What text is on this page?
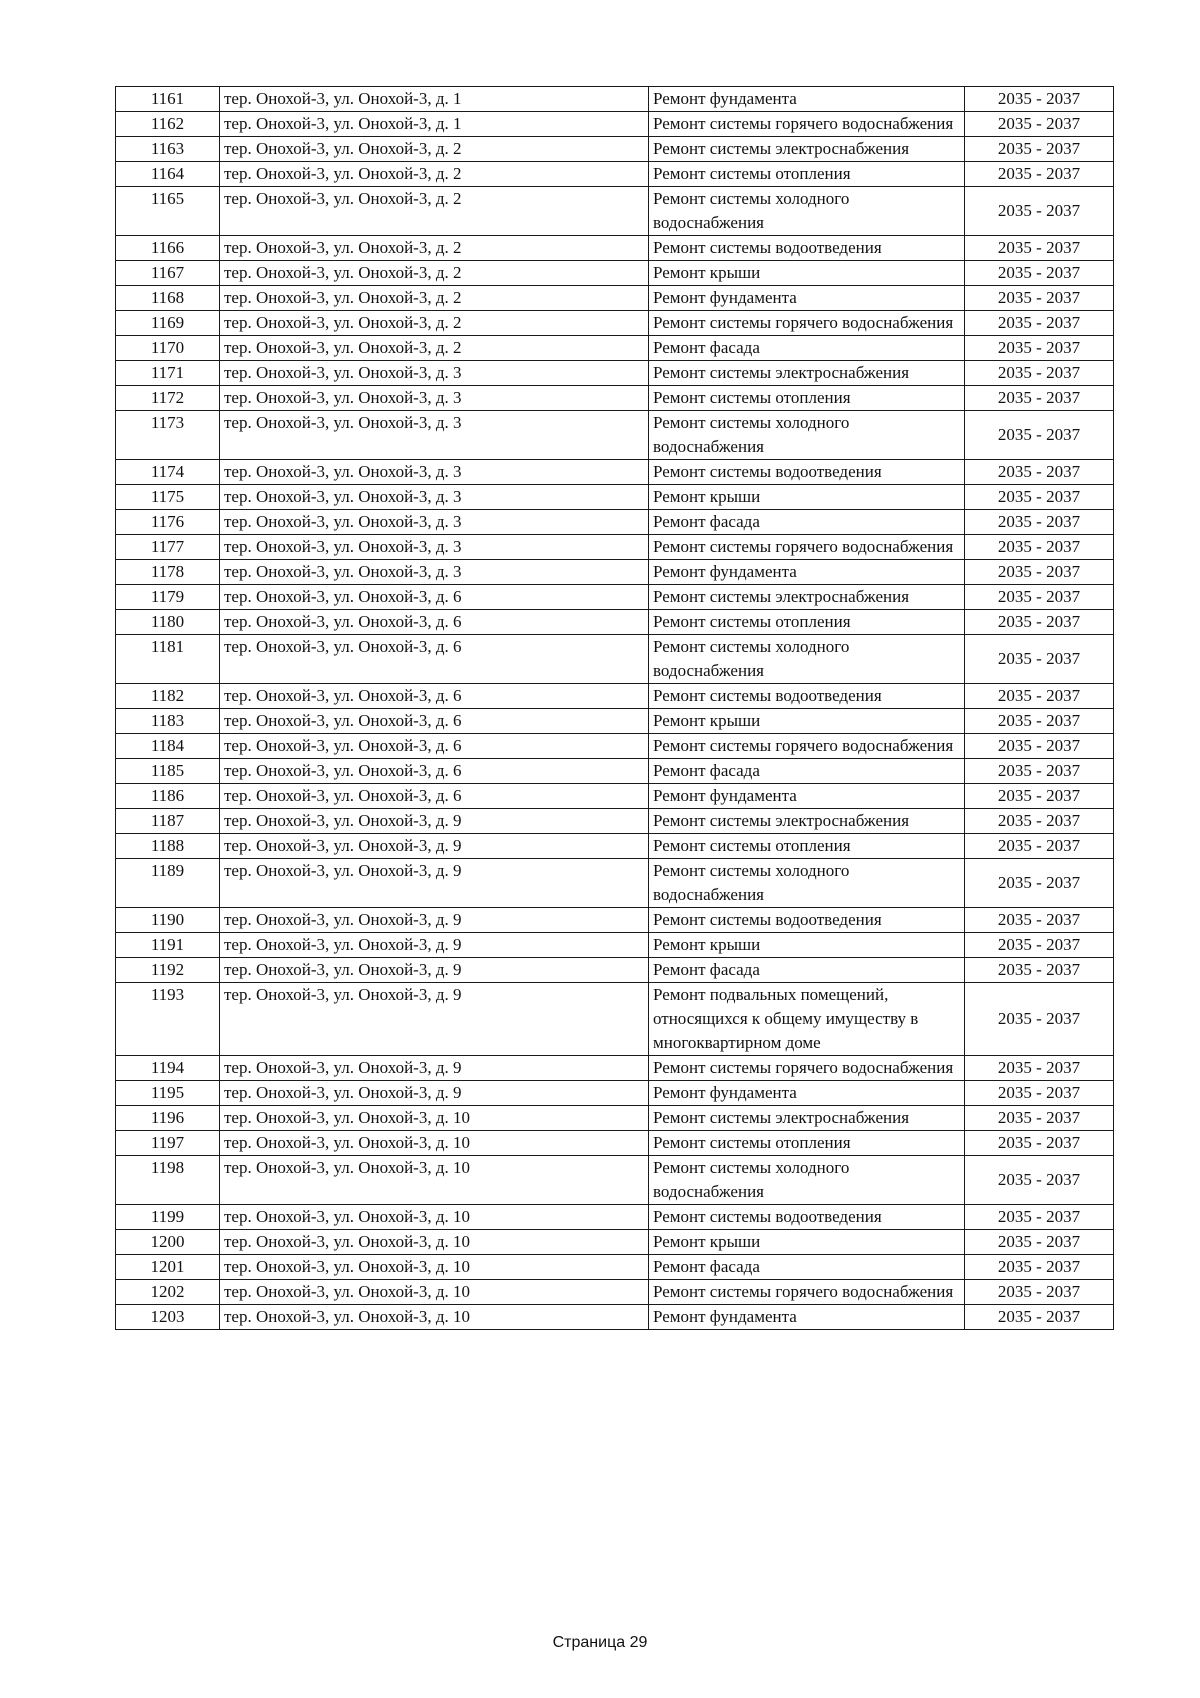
1161	тер. Онохой-3, ул. Онохой-3, д. 1	Ремонт фундамента	2035 - 2037
1162	тер. Онохой-3, ул. Онохой-3, д. 1	Ремонт системы горячего водоснабжения	2035 - 2037
1163	тер. Онохой-3, ул. Онохой-3, д. 2	Ремонт системы электроснабжения	2035 - 2037
1164	тер. Онохой-3, ул. Онохой-3, д. 2	Ремонт системы отопления	2035 - 2037
1165	тер. Онохой-3, ул. Онохой-3, д. 2	Ремонт системы холодного водоснабжения	2035 - 2037
1166	тер. Онохой-3, ул. Онохой-3, д. 2	Ремонт системы водоотведения	2035 - 2037
1167	тер. Онохой-3, ул. Онохой-3, д. 2	Ремонт крыши	2035 - 2037
1168	тер. Онохой-3, ул. Онохой-3, д. 2	Ремонт фундамента	2035 - 2037
1169	тер. Онохой-3, ул. Онохой-3, д. 2	Ремонт системы горячего водоснабжения	2035 - 2037
1170	тер. Онохой-3, ул. Онохой-3, д. 2	Ремонт фасада	2035 - 2037
1171	тер. Онохой-3, ул. Онохой-3, д. 3	Ремонт системы электроснабжения	2035 - 2037
1172	тер. Онохой-3, ул. Онохой-3, д. 3	Ремонт системы отопления	2035 - 2037
1173	тер. Онохой-3, ул. Онохой-3, д. 3	Ремонт системы холодного водоснабжения	2035 - 2037
1174	тер. Онохой-3, ул. Онохой-3, д. 3	Ремонт системы водоотведения	2035 - 2037
1175	тер. Онохой-3, ул. Онохой-3, д. 3	Ремонт крыши	2035 - 2037
1176	тер. Онохой-3, ул. Онохой-3, д. 3	Ремонт фасада	2035 - 2037
1177	тер. Онохой-3, ул. Онохой-3, д. 3	Ремонт системы горячего водоснабжения	2035 - 2037
1178	тер. Онохой-3, ул. Онохой-3, д. 3	Ремонт фундамента	2035 - 2037
1179	тер. Онохой-3, ул. Онохой-3, д. 6	Ремонт системы электроснабжения	2035 - 2037
1180	тер. Онохой-3, ул. Онохой-3, д. 6	Ремонт системы отопления	2035 - 2037
1181	тер. Онохой-3, ул. Онохой-3, д. 6	Ремонт системы холодного водоснабжения	2035 - 2037
1182	тер. Онохой-3, ул. Онохой-3, д. 6	Ремонт системы водоотведения	2035 - 2037
1183	тер. Онохой-3, ул. Онохой-3, д. 6	Ремонт крыши	2035 - 2037
1184	тер. Онохой-3, ул. Онохой-3, д. 6	Ремонт системы горячего водоснабжения	2035 - 2037
1185	тер. Онохой-3, ул. Онохой-3, д. 6	Ремонт фасада	2035 - 2037
1186	тер. Онохой-3, ул. Онохой-3, д. 6	Ремонт фундамента	2035 - 2037
1187	тер. Онохой-3, ул. Онохой-3, д. 9	Ремонт системы электроснабжения	2035 - 2037
1188	тер. Онохой-3, ул. Онохой-3, д. 9	Ремонт системы отопления	2035 - 2037
1189	тер. Онохой-3, ул. Онохой-3, д. 9	Ремонт системы холодного водоснабжения	2035 - 2037
1190	тер. Онохой-3, ул. Онохой-3, д. 9	Ремонт системы водоотведения	2035 - 2037
1191	тер. Онохой-3, ул. Онохой-3, д. 9	Ремонт крыши	2035 - 2037
1192	тер. Онохой-3, ул. Онохой-3, д. 9	Ремонт фасада	2035 - 2037
1193	тер. Онохой-3, ул. Онохой-3, д. 9	Ремонт подвальных помещений, относящихся к общему имуществу в многоквартирном доме	2035 - 2037
1194	тер. Онохой-3, ул. Онохой-3, д. 9	Ремонт системы горячего водоснабжения	2035 - 2037
1195	тер. Онохой-3, ул. Онохой-3, д. 9	Ремонт фундамента	2035 - 2037
1196	тер. Онохой-3, ул. Онохой-3, д. 10	Ремонт системы электроснабжения	2035 - 2037
1197	тер. Онохой-3, ул. Онохой-3, д. 10	Ремонт системы отопления	2035 - 2037
1198	тер. Онохой-3, ул. Онохой-3, д. 10	Ремонт системы холодного водоснабжения	2035 - 2037
1199	тер. Онохой-3, ул. Онохой-3, д. 10	Ремонт системы водоотведения	2035 - 2037
1200	тер. Онохой-3, ул. Онохой-3, д. 10	Ремонт крыши	2035 - 2037
1201	тер. Онохой-3, ул. Онохой-3, д. 10	Ремонт фасада	2035 - 2037
1202	тер. Онохой-3, ул. Онохой-3, д. 10	Ремонт системы горячего водоснабжения	2035 - 2037
1203	тер. Онохой-3, ул. Онохой-3, д. 10	Ремонт фундамента	2035 - 2037
Страница 29
